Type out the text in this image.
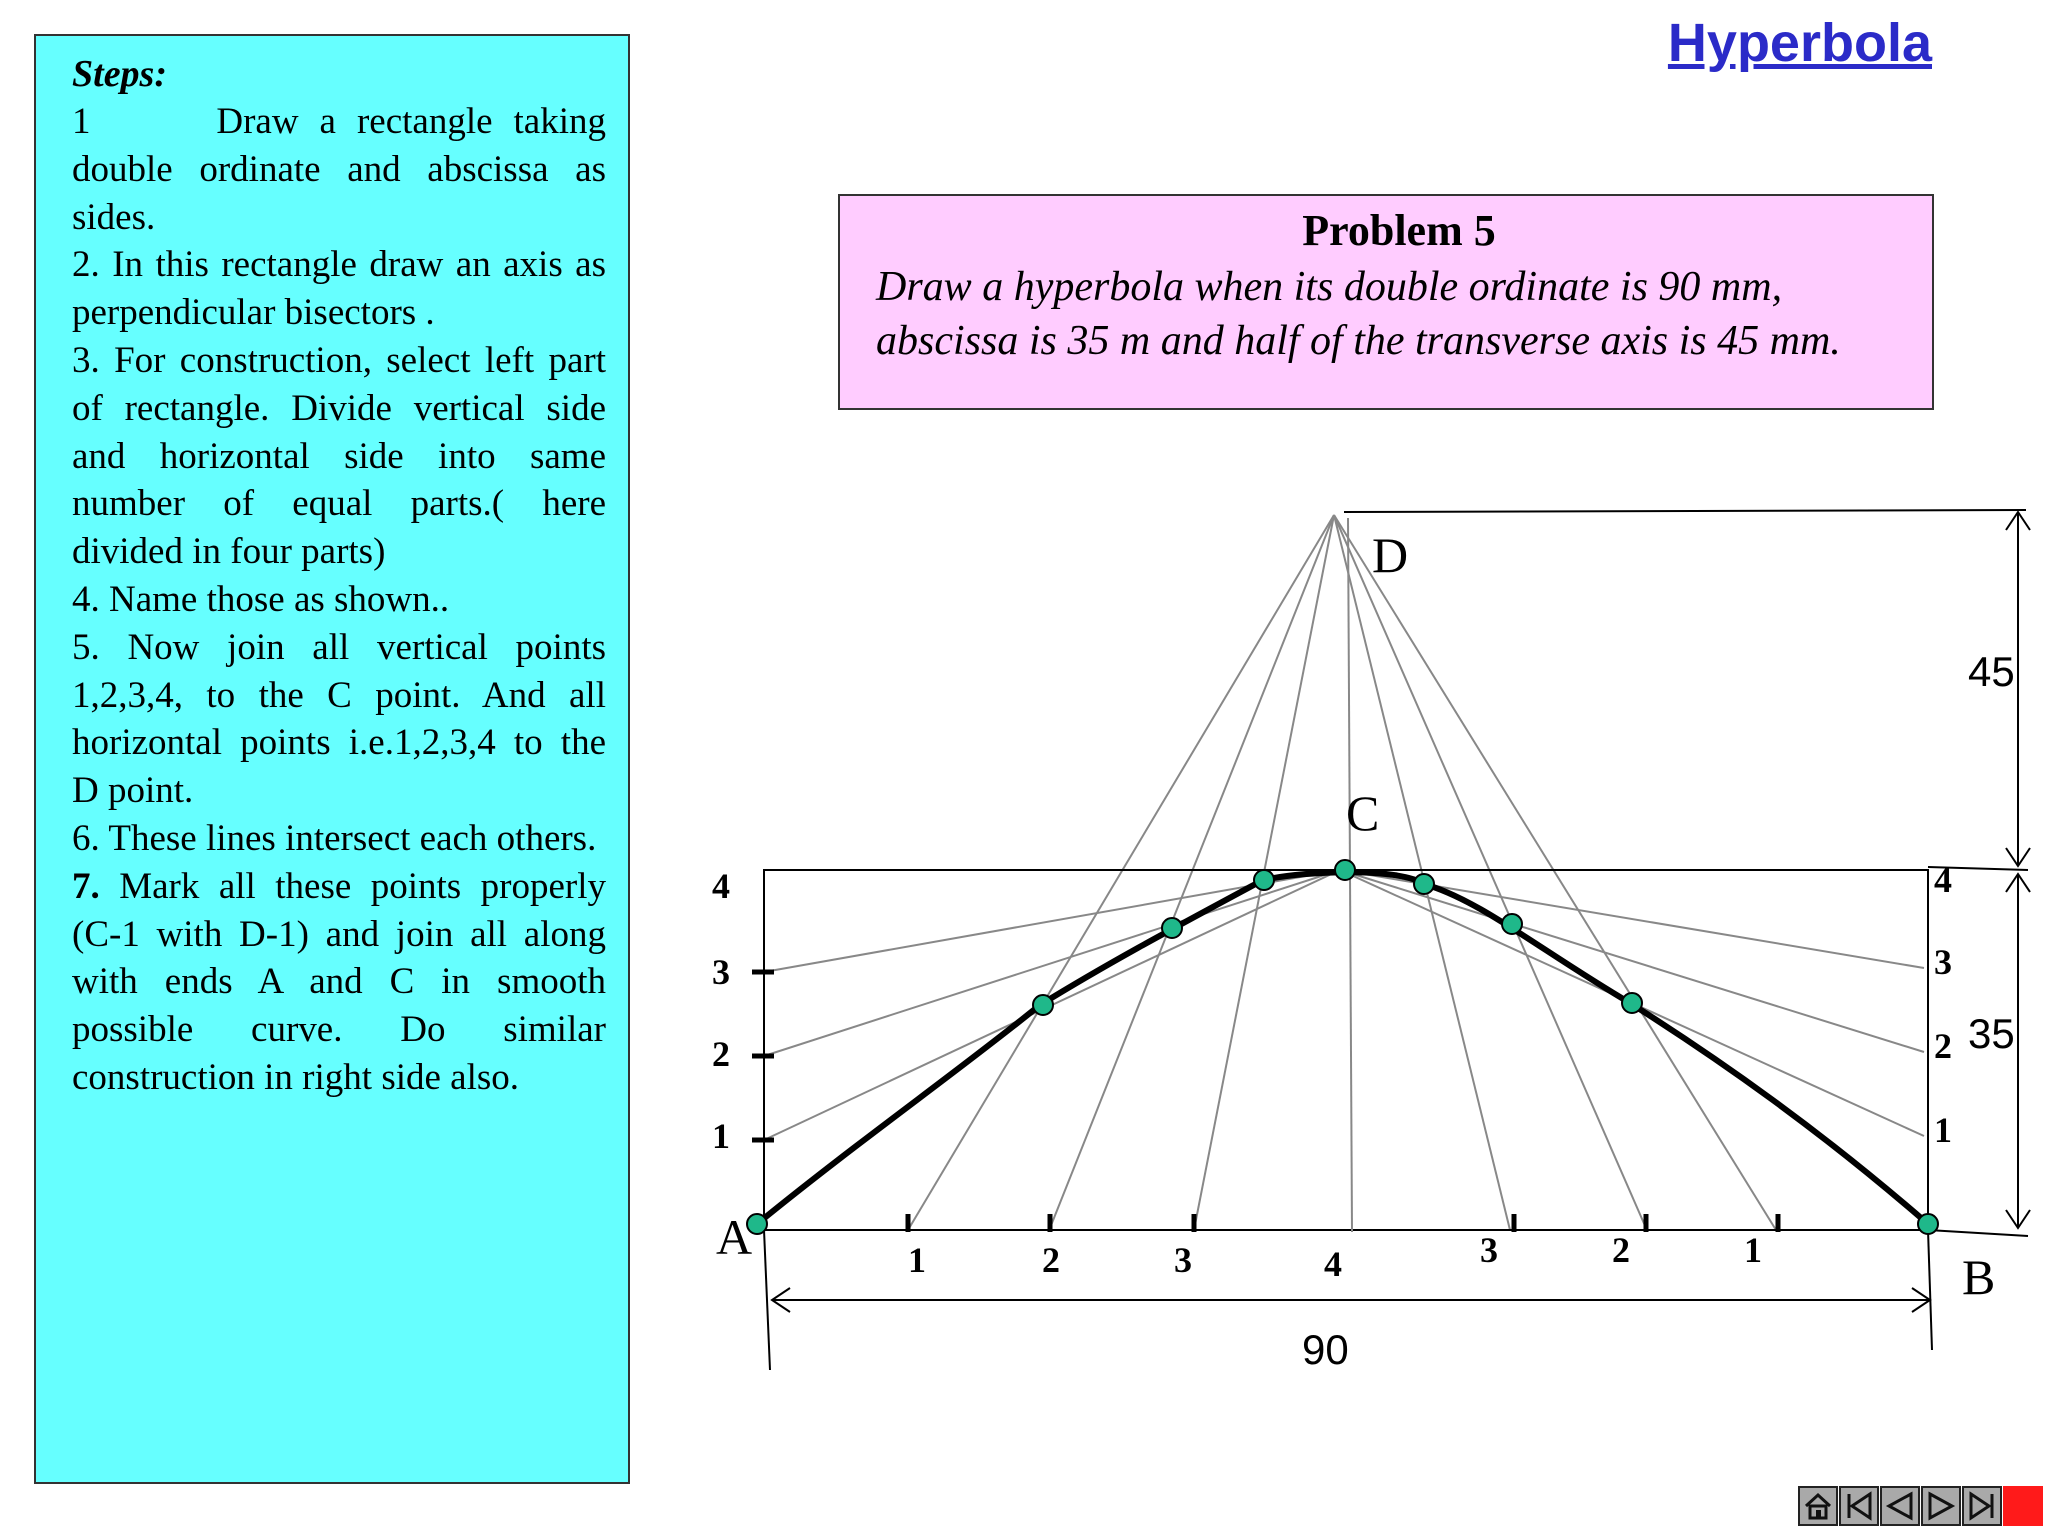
Steps:

1	Draw a rectangle taking double ordinate and abscissa as sides.

2. In this rectangle draw an axis as perpendicular bisectors .

3. For construction, select left part of rectangle. Divide vertical side and horizontal side into same number of equal parts.( here divided in four parts)

4. Name those as shown..

5. Now join all vertical points 1,2,3,4, to the C point. And all horizontal points i.e.1,2,3,4 to the D point.

6. These lines intersect each others.

7. Mark all these points properly (C-1 with D-1) and join all along with ends A and C in smooth possible curve. Do similar construction in right side also.

Hyperbola

Problem 5

Draw a hyperbola when its double ordinate is 90 mm,
abscissa is 35 m and half of the transverse axis is 45 mm.

A
B
C
D
90
35
45
1
2
3
4
1
2
3
4
1	2	3	4	3	2	1
